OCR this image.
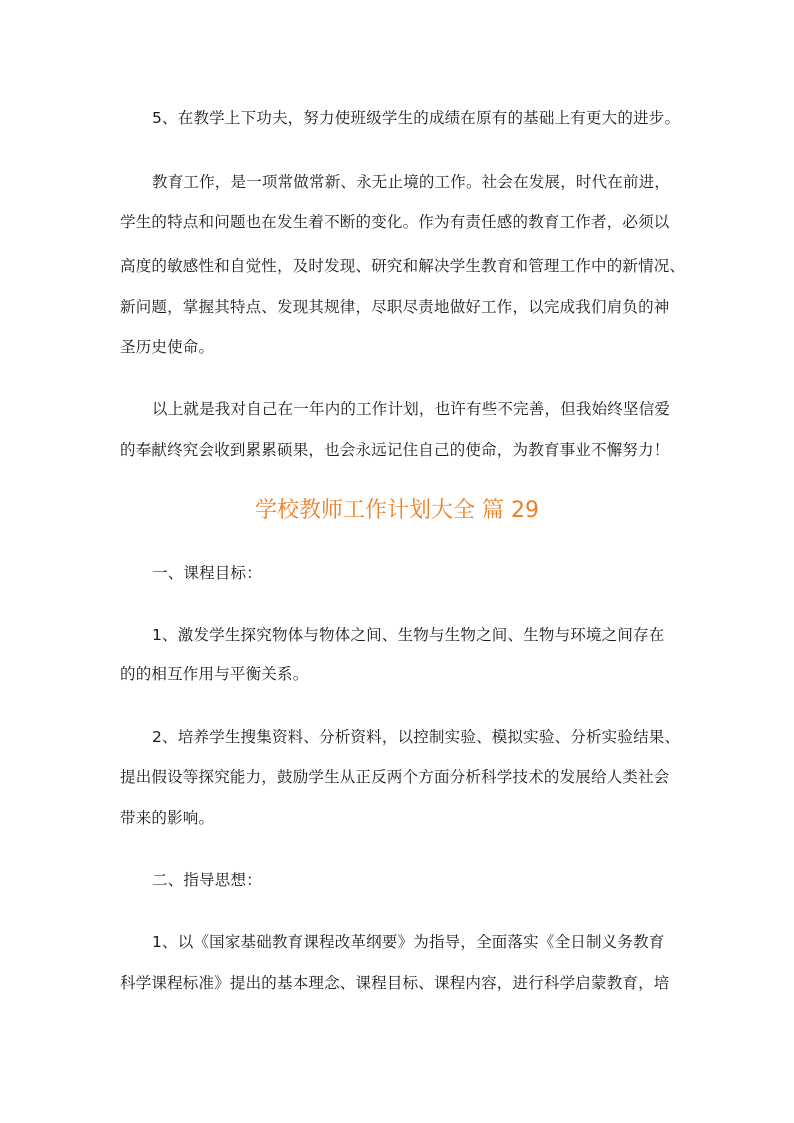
5、在教学上下功夫，努力使班级学生的成绩在原有的基础上有更大的进步。
教育工作，是一项常做常新、永无止境的工作。社会在发展，时代在前进，
学生的特点和问题也在发生着不断的变化。作为有责任感的教育工作者，必须以
高度的敏感性和自觉性，及时发现、研究和解决学生教育和管理工作中的新情况、
新问题，掌握其特点、发现其规律，尽职尽责地做好工作，以完成我们肩负的神
圣历史使命。
以上就是我对自己在一年内的工作计划，也许有些不完善，但我始终坚信爱
的奉献终究会收到累累硕果，也会永远记住自己的使命，为教育事业不懈努力！
学校教师工作计划大全 篇 29
一、课程目标：
1、激发学生探究物体与物体之间、生物与生物之间、生物与环境之间存在
的的相互作用与平衡关系。
2、培养学生搜集资料、分析资料，以控制实验、模拟实验、分析实验结果、
提出假设等探究能力，鼓励学生从正反两个方面分析科学技术的发展给人类社会
带来的影响。
二、指导思想：
1、以《国家基础教育课程改革纲要》为指导，全面落实《全日制义务教育
科学课程标准》提出的基本理念、课程目标、课程内容，进行科学启蒙教育，培
